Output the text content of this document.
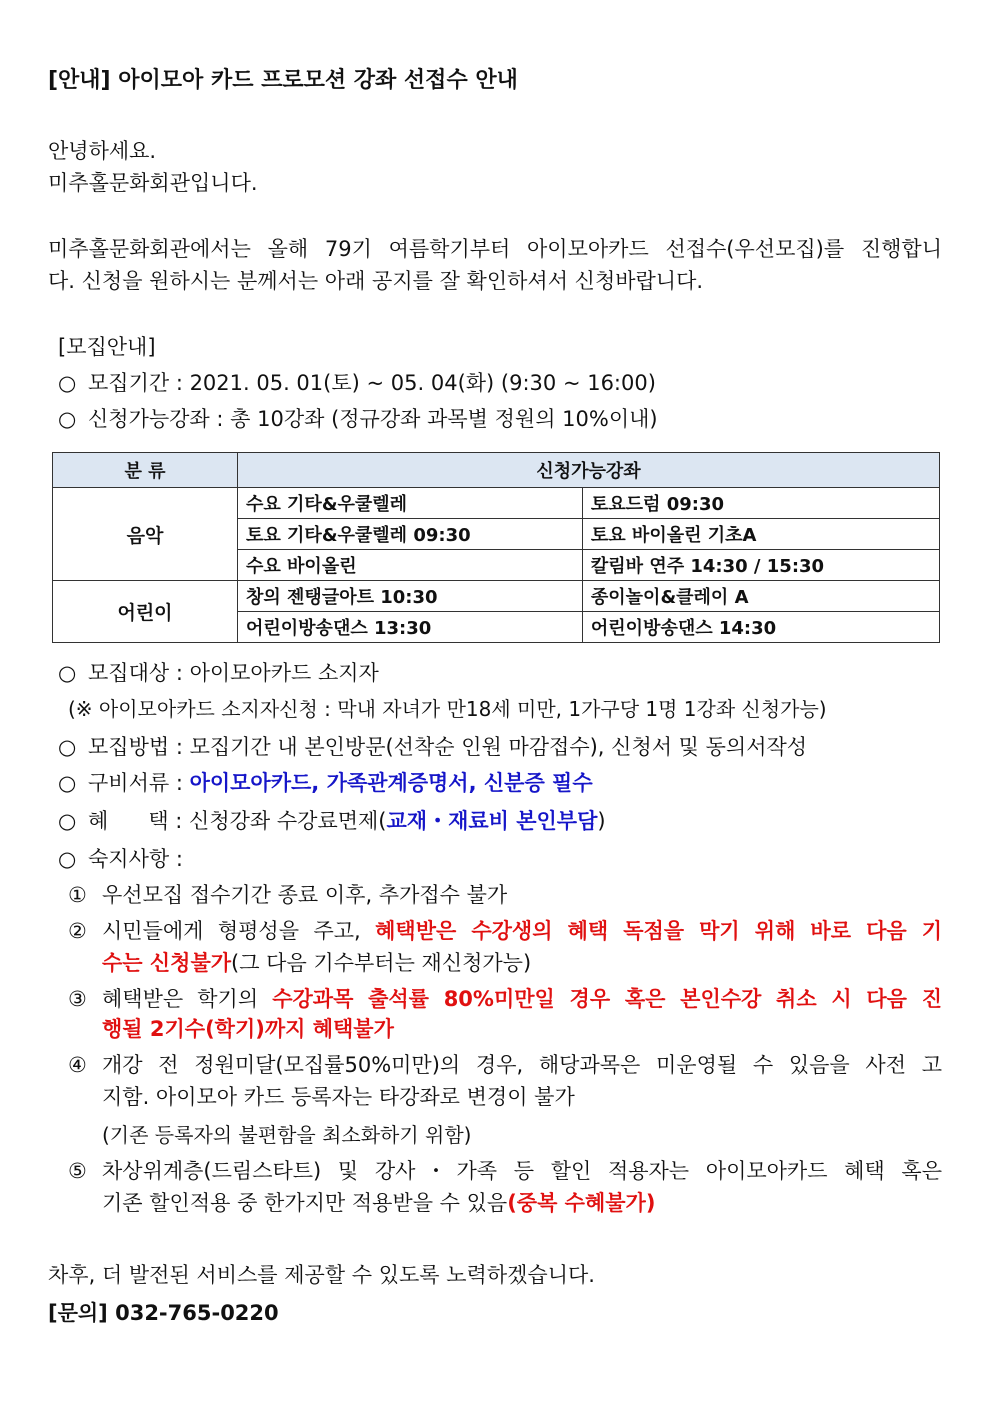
[안내] 아이모아 카드 프로모션 강좌 선접수 안내
안녕하세요.
미추홀문화회관입니다.
미추홀문화회관에서는 올해 79기 여름학기부터 아이모아카드 선접수(우선모집)를 진행합니
다. 신청을 원하시는 분께서는 아래 공지를 잘 확인하셔서 신청바랍니다.
[모집안내]
○ 모집기간 : 2021. 05. 01(토) ~ 05. 04(화) (9:30 ~ 16:00)
○ 신청가능강좌 : 총 10강좌 (정규강좌 과목별 정원의 10%이내)
분 류	신청가능강좌	
음악	수요 기타&우쿨렐레	토요드럼 09:30
	토요 기타&우쿨렐레 09:30	토요 바이올린 기초A
	수요 바이올린	칼림바 연주 14:30 / 15:30
어린이	창의 젠탱글아트 10:30	종이놀이&클레이 A
	어린이방송댄스 13:30	어린이방송댄스 14:30
○ 모집대상 : 아이모아카드 소지자
(※ 아이모아카드 소지자신청 : 막내 자녀가 만18세 미만, 1가구당 1명 1강좌 신청가능)
○ 모집방법 : 모집기간 내 본인방문(선착순 인원 마감접수), 신청서 및 동의서작성
○ 구비서류 : 아이모아카드, 가족관계증명서, 신분증 필수
○ 혜      택 : 신청강좌 수강료면제(교재・재료비 본인부담)
○ 숙지사항 :
① 우선모집 접수기간 종료 이후, 추가접수 불가
② 시민들에게 형평성을 주고, 혜택받은 수강생의 혜택 독점을 막기 위해 바로 다음 기
수는 신청불가(그 다음 기수부터는 재신청가능)
③ 혜택받은 학기의 수강과목 출석률 80%미만일 경우 혹은 본인수강 취소 시 다음 진
행될 2기수(학기)까지 혜택불가
④ 개강 전 정원미달(모집률50%미만)의 경우, 해당과목은 미운영될 수 있음을 사전 고
지함. 아이모아 카드 등록자는 타강좌로 변경이 불가
(기존 등록자의 불편함을 최소화하기 위함)
⑤ 차상위계층(드림스타트) 및 강사・가족 등 할인 적용자는 아이모아카드 혜택 혹은
기존 할인적용 중 한가지만 적용받을 수 있음(중복 수혜불가)
차후, 더 발전된 서비스를 제공할 수 있도록 노력하겠습니다.
[문의] 032-765-0220
